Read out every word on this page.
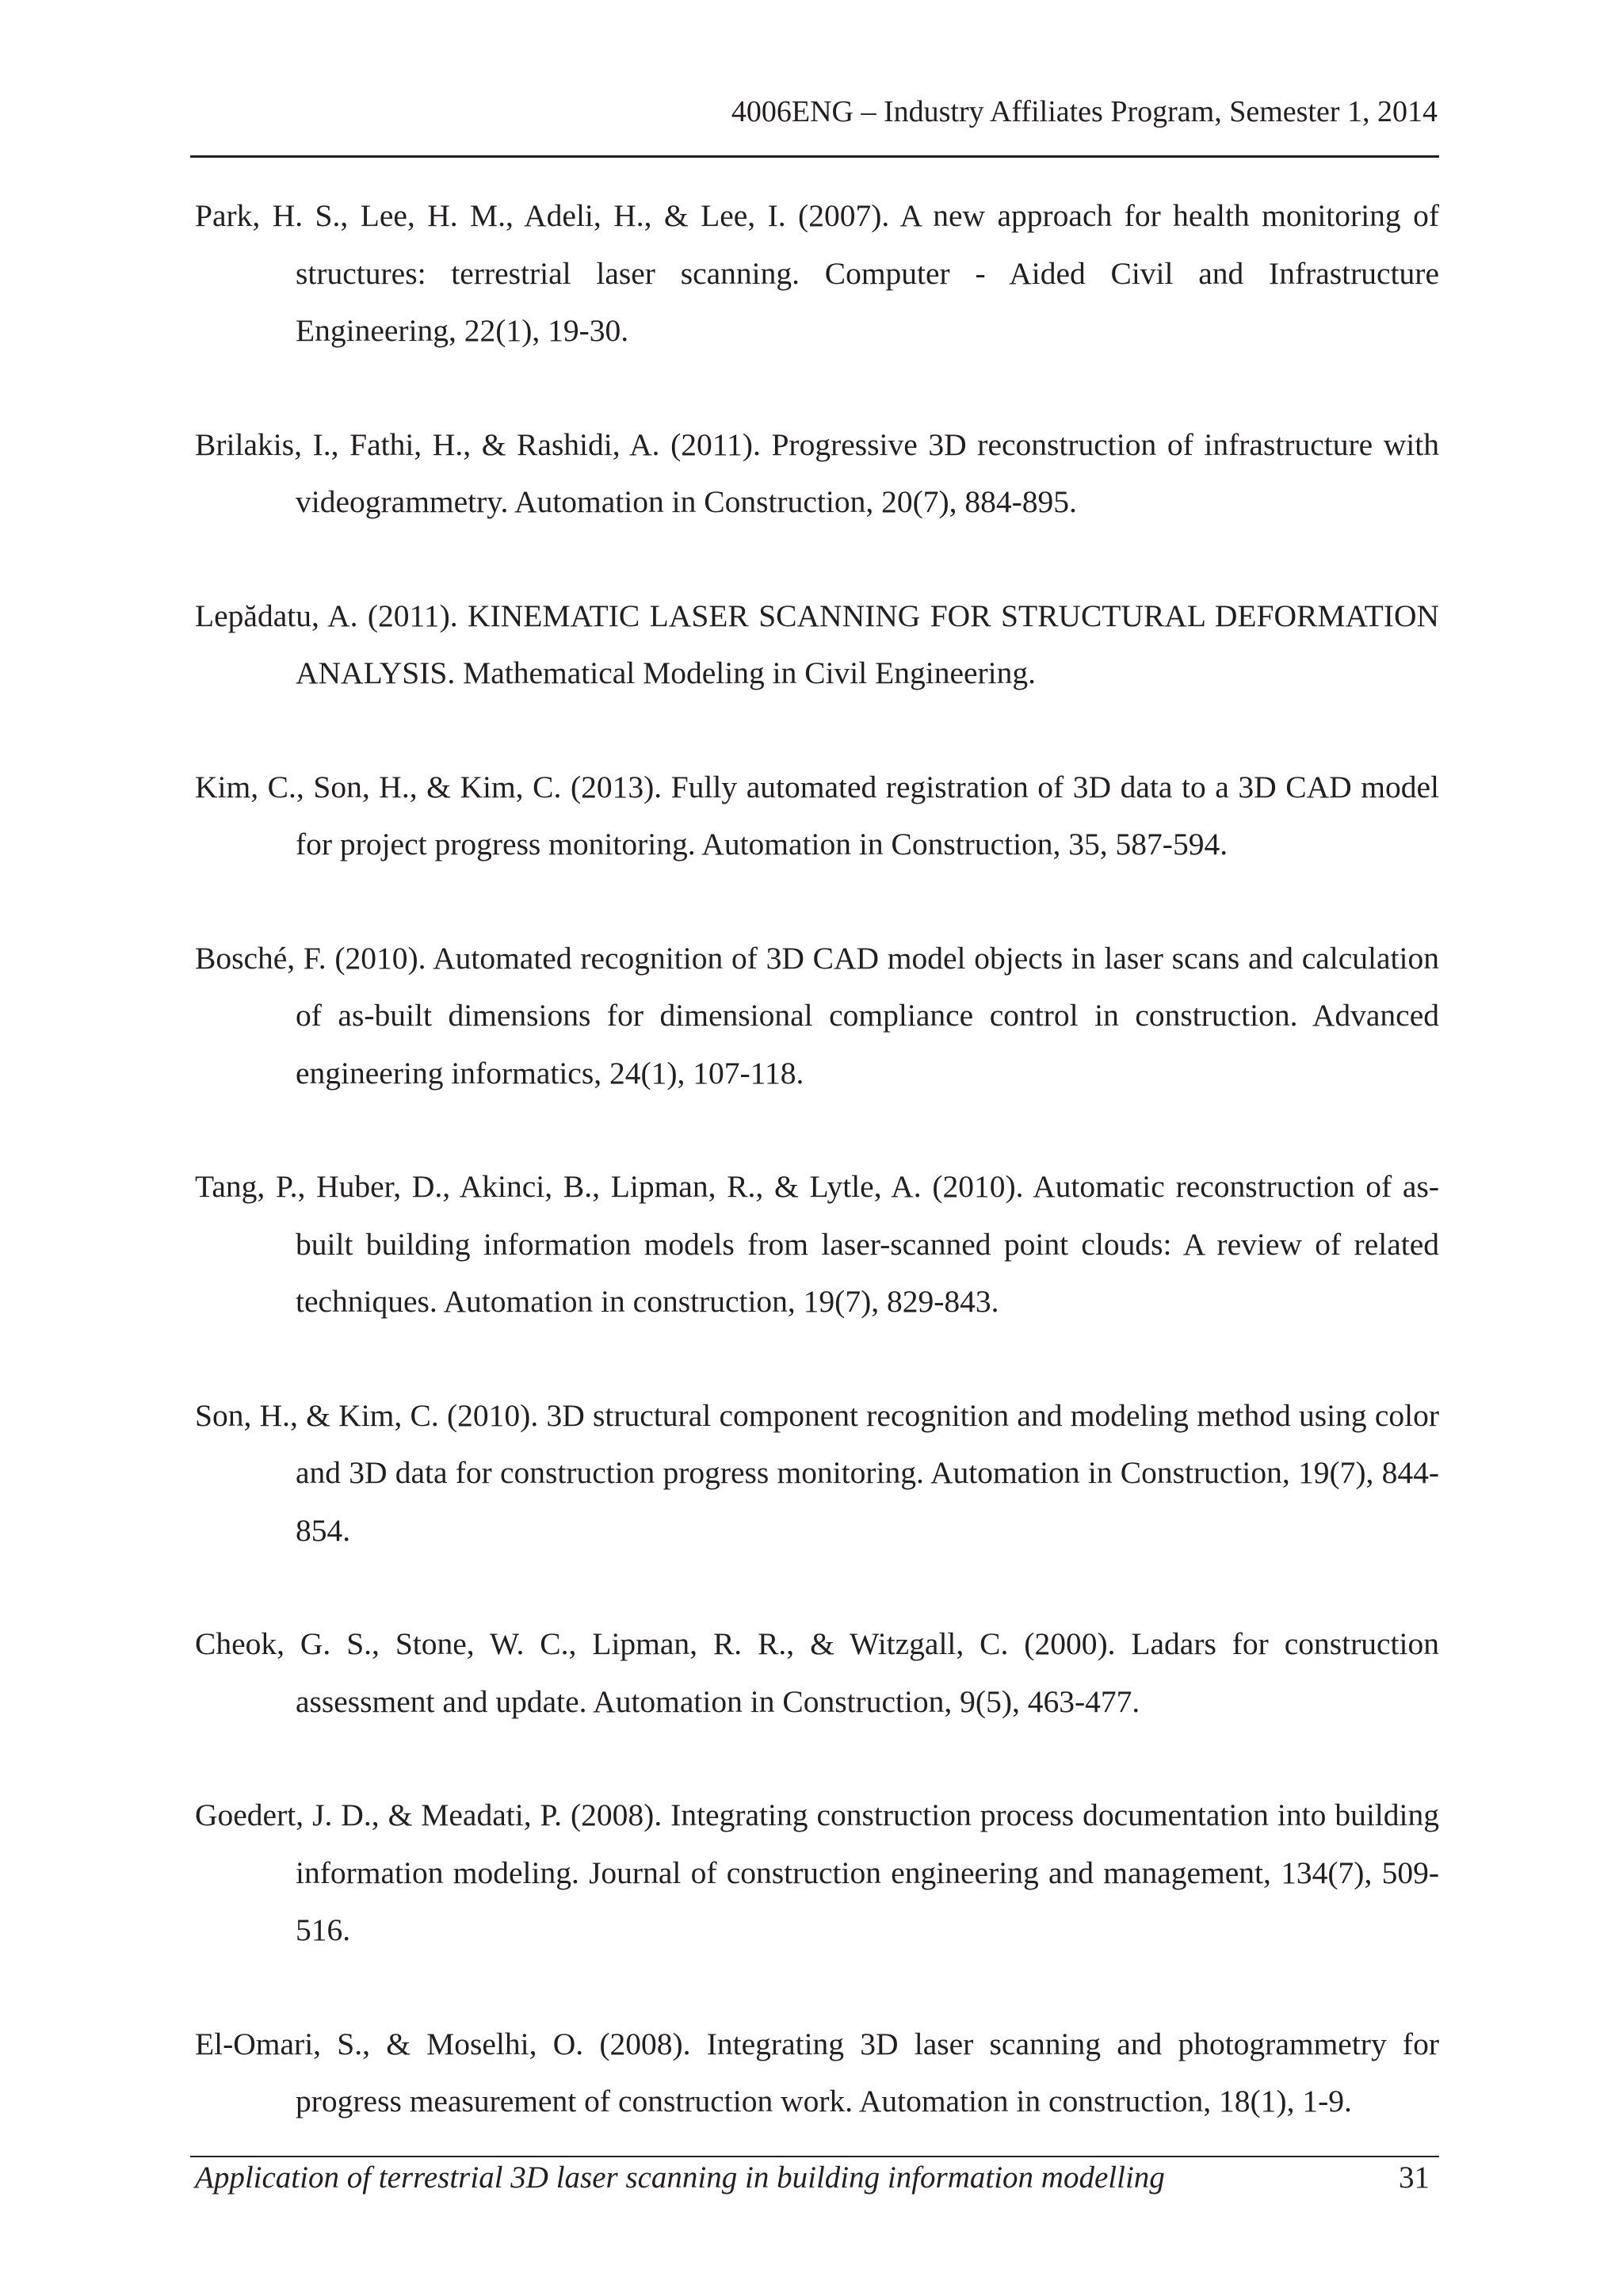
4006ENG – Industry Affiliates Program, Semester 1, 2014

Park, H. S., Lee, H. M., Adeli, H., & Lee, I. (2007). A new approach for health monitoring of structures: terrestrial laser scanning. Computer ‐ Aided Civil and Infrastructure Engineering, 22(1), 19-30.

Brilakis, I., Fathi, H., & Rashidi, A. (2011). Progressive 3D reconstruction of infrastructure with videogrammetry. Automation in Construction, 20(7), 884-895.

Lepădatu, A. (2011). KINEMATIC LASER SCANNING FOR STRUCTURAL DEFORMATION ANALYSIS. Mathematical Modeling in Civil Engineering.

Kim, C., Son, H., & Kim, C. (2013). Fully automated registration of 3D data to a 3D CAD model for project progress monitoring. Automation in Construction, 35, 587-594.

Bosché, F. (2010). Automated recognition of 3D CAD model objects in laser scans and calculation of as-built dimensions for dimensional compliance control in construction. Advanced engineering informatics, 24(1), 107-118.

Tang, P., Huber, D., Akinci, B., Lipman, R., & Lytle, A. (2010). Automatic reconstruction of as-built building information models from laser-scanned point clouds: A review of related techniques. Automation in construction, 19(7), 829-843.

Son, H., & Kim, C. (2010). 3D structural component recognition and modeling method using color and 3D data for construction progress monitoring. Automation in Construction, 19(7), 844-854.

Cheok, G. S., Stone, W. C., Lipman, R. R., & Witzgall, C. (2000). Ladars for construction assessment and update. Automation in Construction, 9(5), 463-477.

Goedert, J. D., & Meadati, P. (2008). Integrating construction process documentation into building information modeling. Journal of construction engineering and management, 134(7), 509-516.

El-Omari, S., & Moselhi, O. (2008). Integrating 3D laser scanning and photogrammetry for progress measurement of construction work. Automation in construction, 18(1), 1-9.

Application of terrestrial 3D laser scanning in building information modelling	31
